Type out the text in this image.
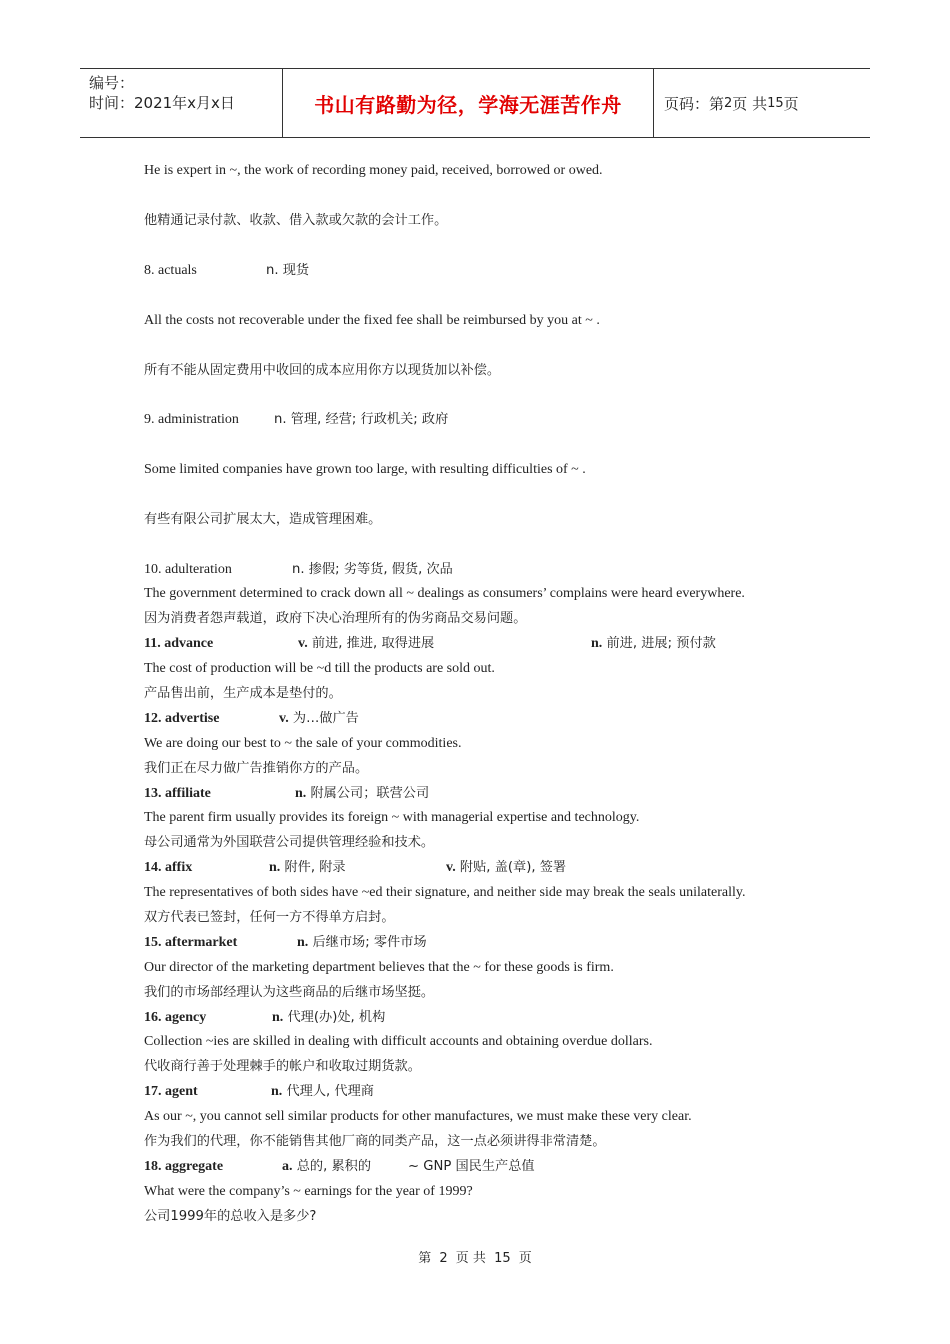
编号：
时间：2021年x月x日	书山有路勤为径，学海无涯苦作舟	页码：第 2 页 共 15 页
He is expert in ~, the work of recording money paid, received, borrowed or owed.
他精通记录付款、收款、借入款或欠款的会计工作。
8. actuals	n. 现货
All the costs not recoverable under the fixed fee shall be reimbursed by you at ~ .
所有不能从固定费用中收回的成本应用你方以现货加以补偿。
9. administration	n. 管理, 经营; 行政机关; 政府
Some limited companies have grown too large, with resulting difficulties of ~ .
有些有限公司扩展太大，造成管理困难。
10. adulteration	n. 掺假; 劣等货, 假货, 次品
The government determined to crack down all ~ dealings as consumers’ complains were heard everywhere.
因为消费者怨声载道，政府下决心治理所有的伪劣商品交易问题。
11. advance	v. 前进, 推进, 取得进展	n. 前进, 进展; 预付款
The cost of production will be ~d till the products are sold out.
产品售出前，生产成本是垫付的。
12. advertise	v. 为…做广告
We are doing our best to ~ the sale of your commodities.
我们正在尽力做广告推销你方的产品。
13. affiliate	n. 附属公司；联营公司
The parent firm usually provides its foreign ~ with managerial expertise and technology.
母公司通常为外国联营公司提供管理经验和技术。
14. affix	n. 附件, 附录	v. 附贴, 盖(章), 签署
The representatives of both sides have ~ed their signature, and neither side may break the seals unilaterally.
双方代表已签封，任何一方不得单方启封。
15. aftermarket	n. 后继市场; 零件市场
Our director of the marketing department believes that the ~ for these goods is firm.
我们的市场部经理认为这些商品的后继市场坚挺。
16. agency	n. 代理(办)处, 机构
Collection ~ies are skilled in dealing with difficult accounts and obtaining overdue dollars.
代收商行善于处理棘手的帐户和收取过期货款。
17. agent	n. 代理人, 代理商
As our ~, you cannot sell similar products for other manufactures, we must make these very clear.
作为我们的代理，你不能销售其他厂商的同类产品，这一点必须讲得非常清楚。
18. aggregate	a. 总的, 累积的	~ GNP 国民生产总值
What were the company’s ~ earnings for the year of 1999?
公司1999年的总收入是多少?
第 2 页 共 15 页
